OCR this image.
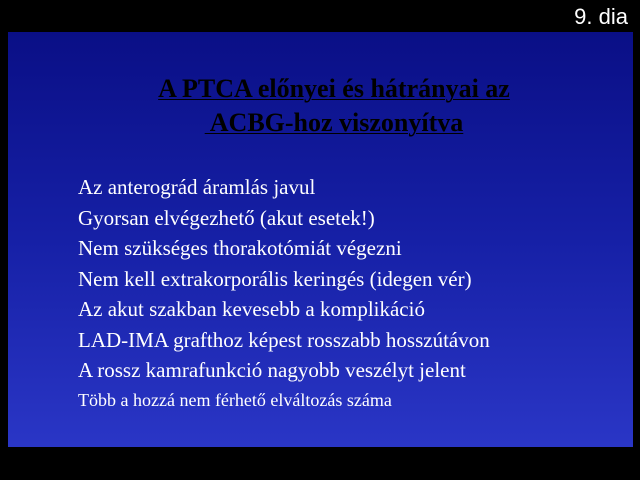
9. dia
A PTCA előnyei és hátrányai az
ACBG-hoz viszonyítva
Az anterográd áramlás javul
Gyorsan elvégezhető (akut esetek!)
Nem szükséges thorakotómiát végezni
Nem kell extrakorporális keringés (idegen vér)
Az akut szakban kevesebb a komplikáció
LAD-IMA grafthoz képest rosszabb hosszútávon
A rossz kamrafunkció nagyobb veszélyt jelent
Több a hozzá nem férhető elváltozás száma
